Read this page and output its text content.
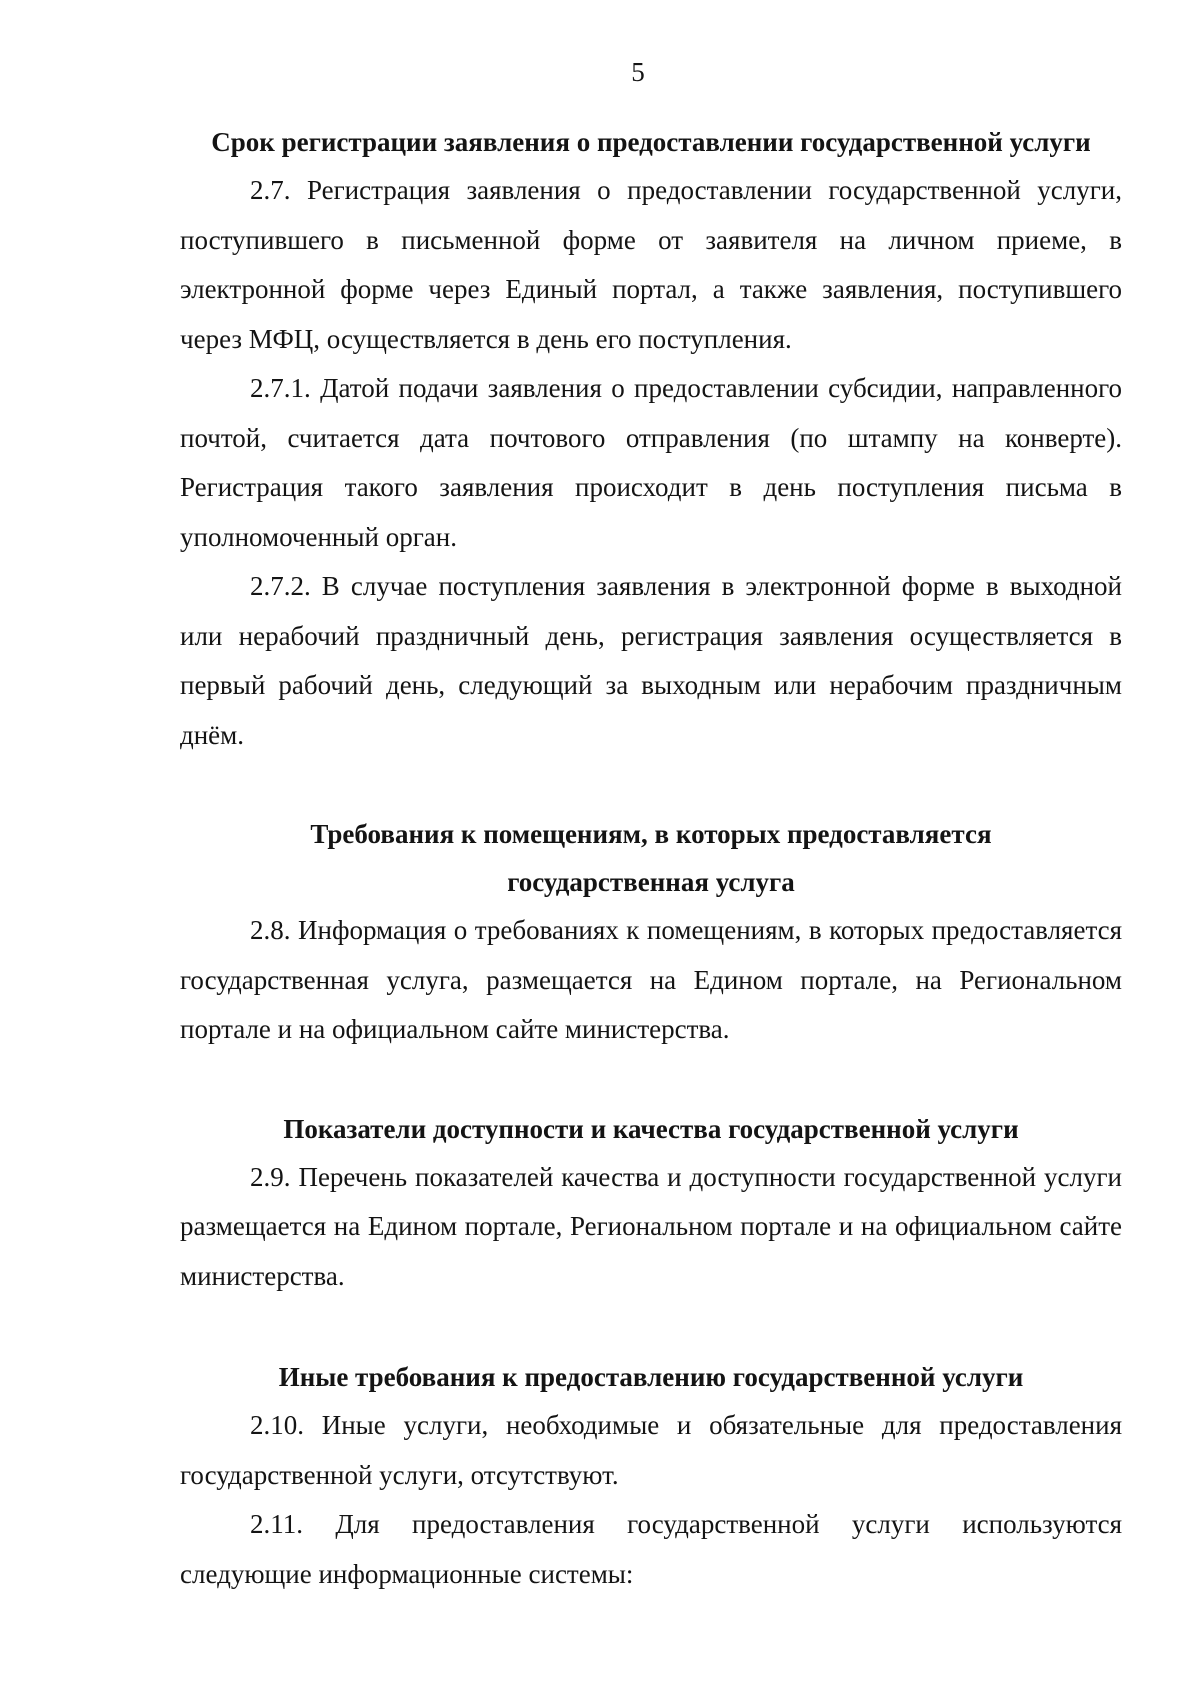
5
Срок регистрации заявления о предоставлении государственной услуги

2.7. Регистрация заявления о предоставлении государственной услуги, поступившего в письменной форме от заявителя на личном приеме, в электронной форме через Единый портал, а также заявления, поступившего через МФЦ, осуществляется в день его поступления.

2.7.1. Датой подачи заявления о предоставлении субсидии, направленного почтой, считается дата почтового отправления (по штампу на конверте). Регистрация такого заявления происходит в день поступления письма в уполномоченный орган.

2.7.2. В случае поступления заявления в электронной форме в выходной или нерабочий праздничный день, регистрация заявления осуществляется в первый рабочий день, следующий за выходным или нерабочим праздничным днём.

Требования к помещениям, в которых предоставляется
государственная услуга

2.8. Информация о требованиях к помещениям, в которых предоставляется государственная услуга, размещается на Едином портале, на Региональном портале и на официальном сайте министерства.

Показатели доступности и качества государственной услуги

2.9. Перечень показателей качества и доступности государственной услуги размещается на Едином портале, Региональном портале и на официальном сайте министерства.

Иные требования к предоставлению государственной услуги

2.10. Иные услуги, необходимые и обязательные для предоставления государственной услуги, отсутствуют.

2.11. Для предоставления государственной услуги используются следующие информационные системы:
